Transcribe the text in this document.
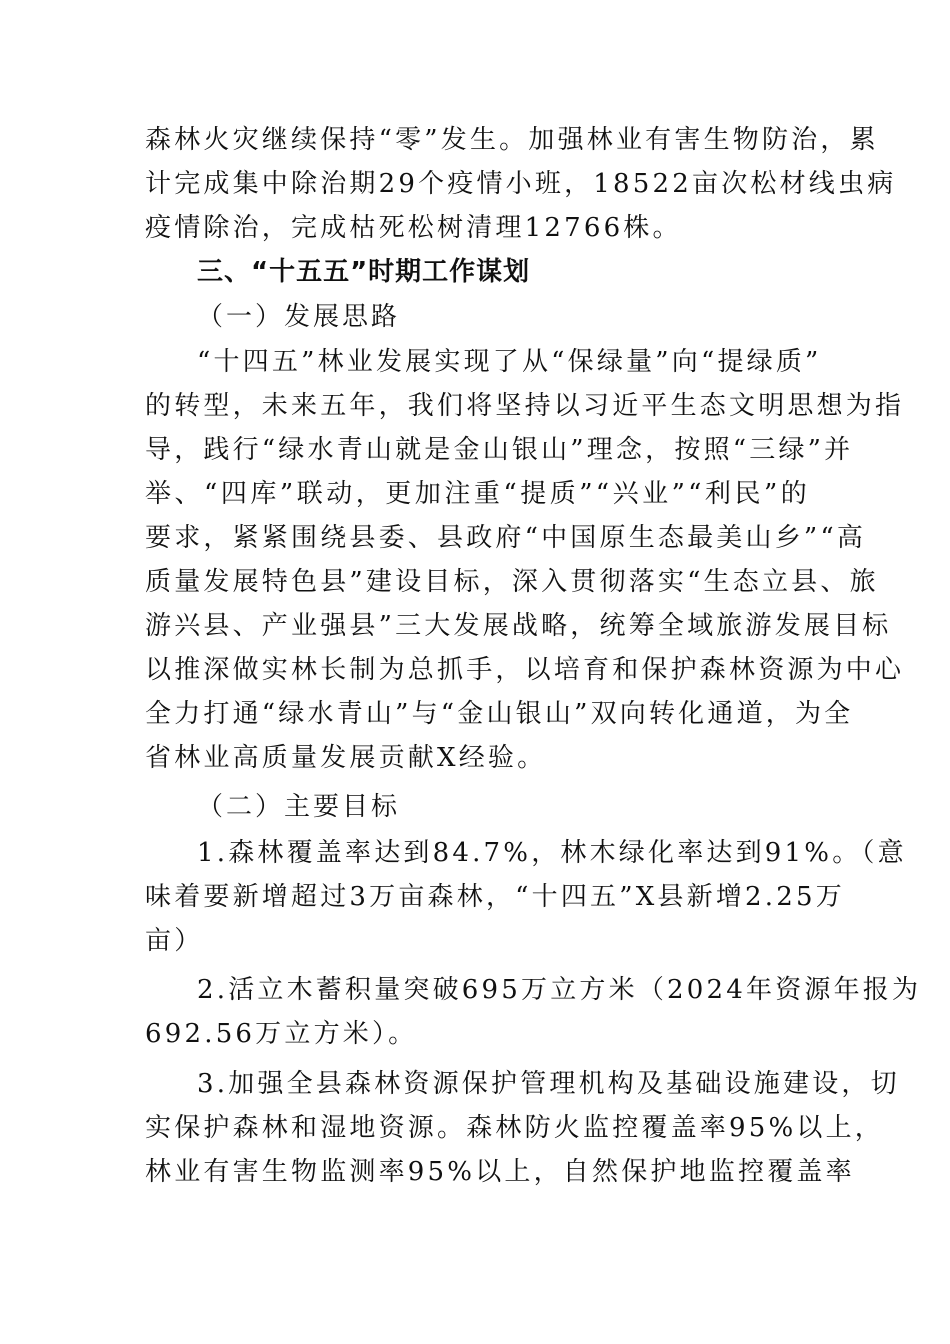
森林火灾继续保持“零”发生。加强林业有害生物防治，累
计完成集中除治期29个疫情小班，18522亩次松材线虫病
疫情除治，完成枯死松树清理12766株。
三、“十五五”时期工作谋划
（一）发展思路
“十四五”林业发展实现了从“保绿量”向“提绿质”
的转型，未来五年，我们将坚持以习近平生态文明思想为指
导，践行“绿水青山就是金山银山”理念，按照“三绿”并
举、“四库”联动，更加注重“提质”“兴业”“利民”的
要求，紧紧围绕县委、县政府“中国原生态最美山乡”“高
质量发展特色县”建设目标，深入贯彻落实“生态立县、旅
游兴县、产业强县”三大发展战略，统筹全域旅游发展目标
以推深做实林长制为总抓手，以培育和保护森林资源为中心
全力打通“绿水青山”与“金山银山”双向转化通道，为全
省林业高质量发展贡献X经验。
（二）主要目标
1.森林覆盖率达到84.7%，林木绿化率达到91%。（意
味着要新增超过3万亩森林，“十四五”X县新增2.25万
亩）
2.活立木蓄积量突破695万立方米（2024年资源年报为
692.56万立方米）。
3.加强全县森林资源保护管理机构及基础设施建设，切
实保护森林和湿地资源。森林防火监控覆盖率95%以上，
林业有害生物监测率95%以上，自然保护地监控覆盖率
